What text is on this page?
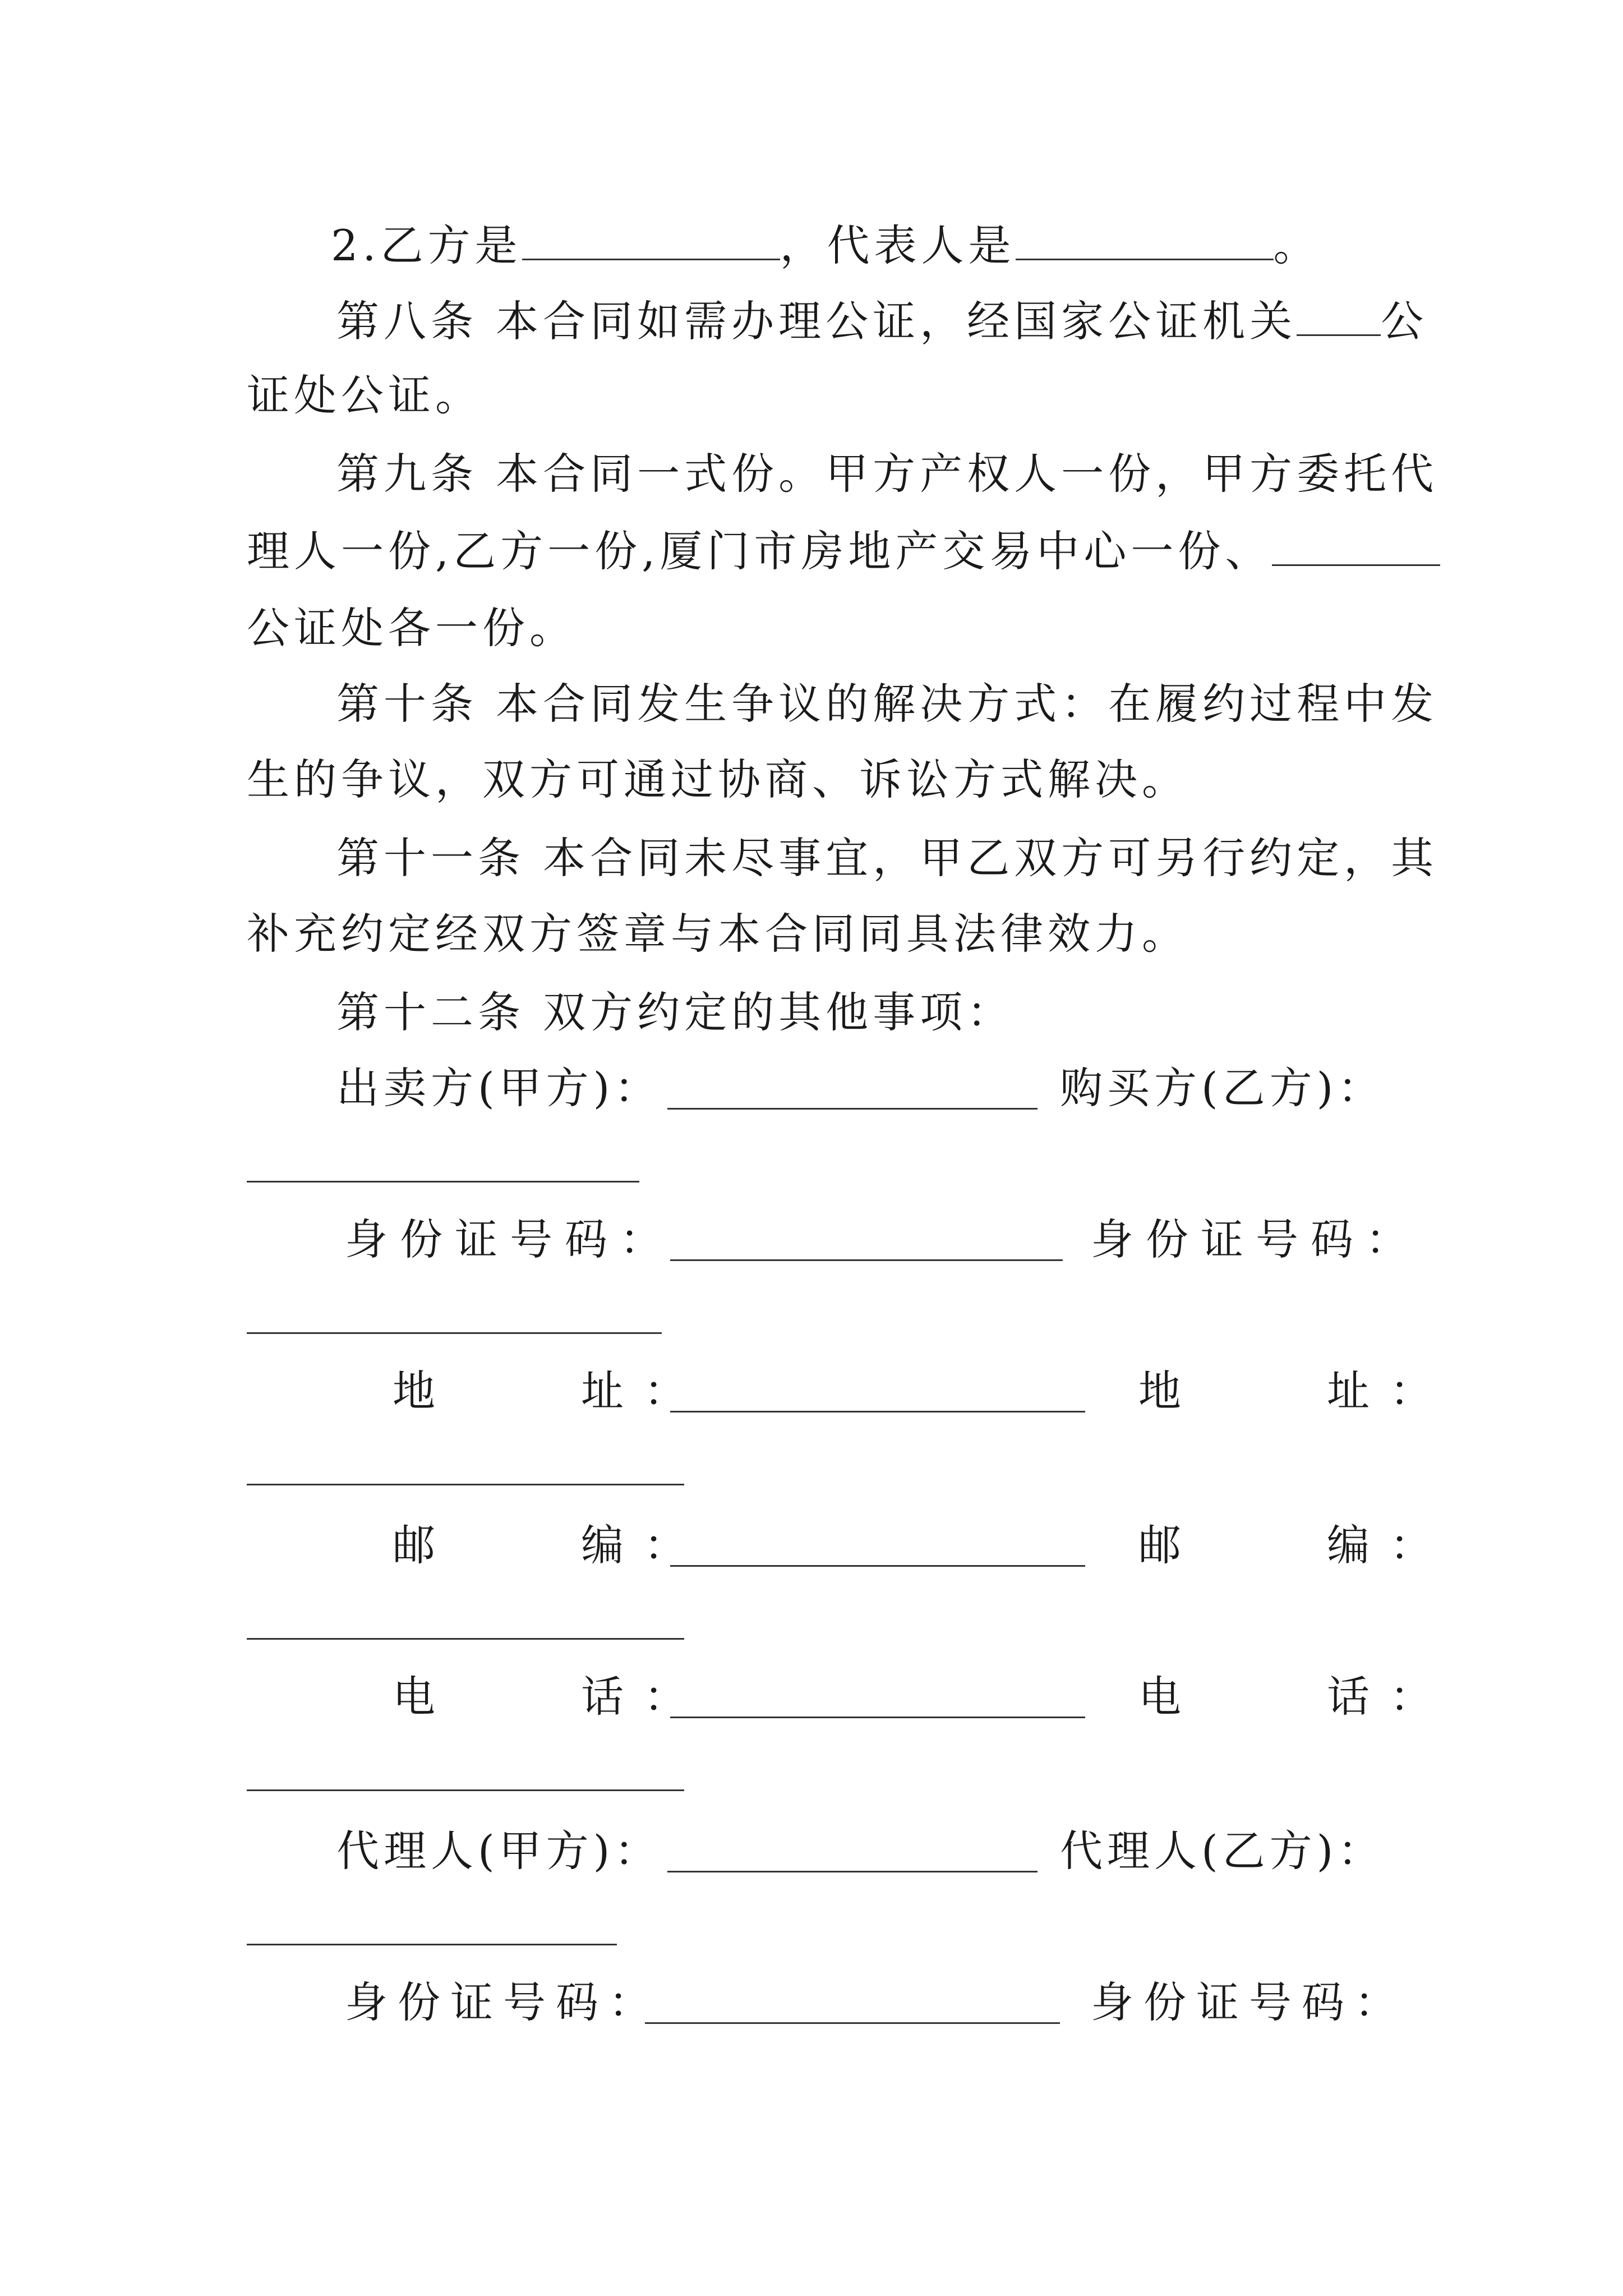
2.乙方是	，代表人是	。
第八条 本合同如需办理公证，经国家公证机关 公
证处公证。
第九条 本合同一式份。甲方产权人一份，甲方委托代
理人一份,乙方一份,厦门市房地产交易中心一份、
公证处各一份。
第十条 本合同发生争议的解决方式：在履约过程中发
生的争议，双方可通过协商、诉讼方式解决。
第十一条 本合同未尽事宜，甲乙双方可另行约定，其
补充约定经双方签章与本合同同具法律效力。
第十二条 双方约定的其他事项：
出卖方(甲方)：	购买方(乙方)：
身份证号码：	身份证号码：
地　　址：	地　　址：
邮　　编：	邮　　编：
电　　话：	电　　话：
代理人(甲方)：	代理人(乙方)：
身份证号码：	身份证号码：
